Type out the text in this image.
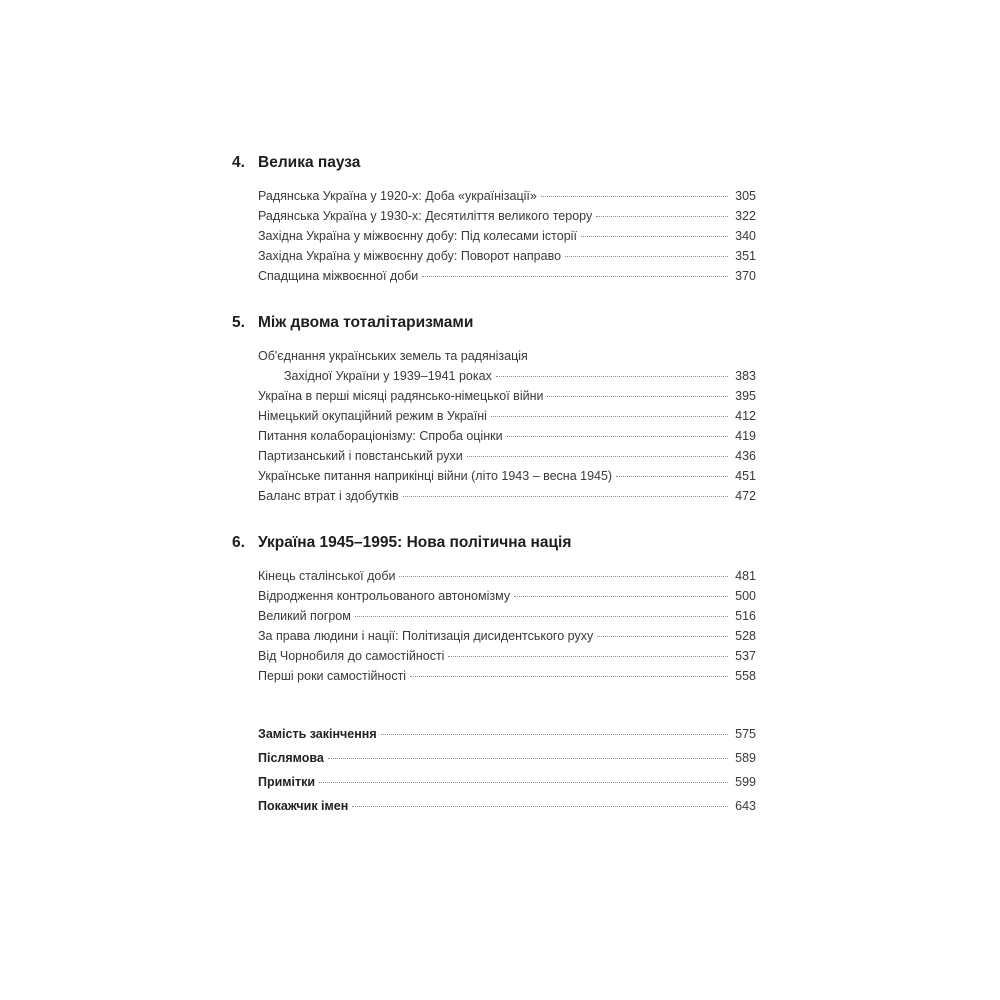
4. Велика пауза
Радянська Україна у 1920-х: Доба «українізації»	305
Радянська Україна у 1930-х: Десятиліття великого терору	322
Західна Україна у міжвоєнну добу: Під колесами історії	340
Західна Україна у міжвоєнну добу: Поворот направо	351
Спадщина міжвоєнної доби	370
5. Між двома тоталітаризмами
Об'єднання українських земель та радянізація
Західної України у 1939–1941 роках	383
Україна в перші місяці радянсько-німецької війни	395
Німецький окупаційний режим в Україні	412
Питання колабораціонізму: Спроба оцінки	419
Партизанський і повстанський рухи	436
Українське питання наприкінці війни (літо 1943 – весна 1945)	451
Баланс втрат і здобутків	472
6. Україна 1945–1995: Нова політична нація
Кінець сталінської доби	481
Відродження контрольованого автономізму	500
Великий погром	516
За права людини і нації: Політизація дисидентського руху	528
Від Чорнобиля до самостійності	537
Перші роки самостійності	558
Замість закінчення	575
Післямова	589
Примітки	599
Покажчик імен	643
